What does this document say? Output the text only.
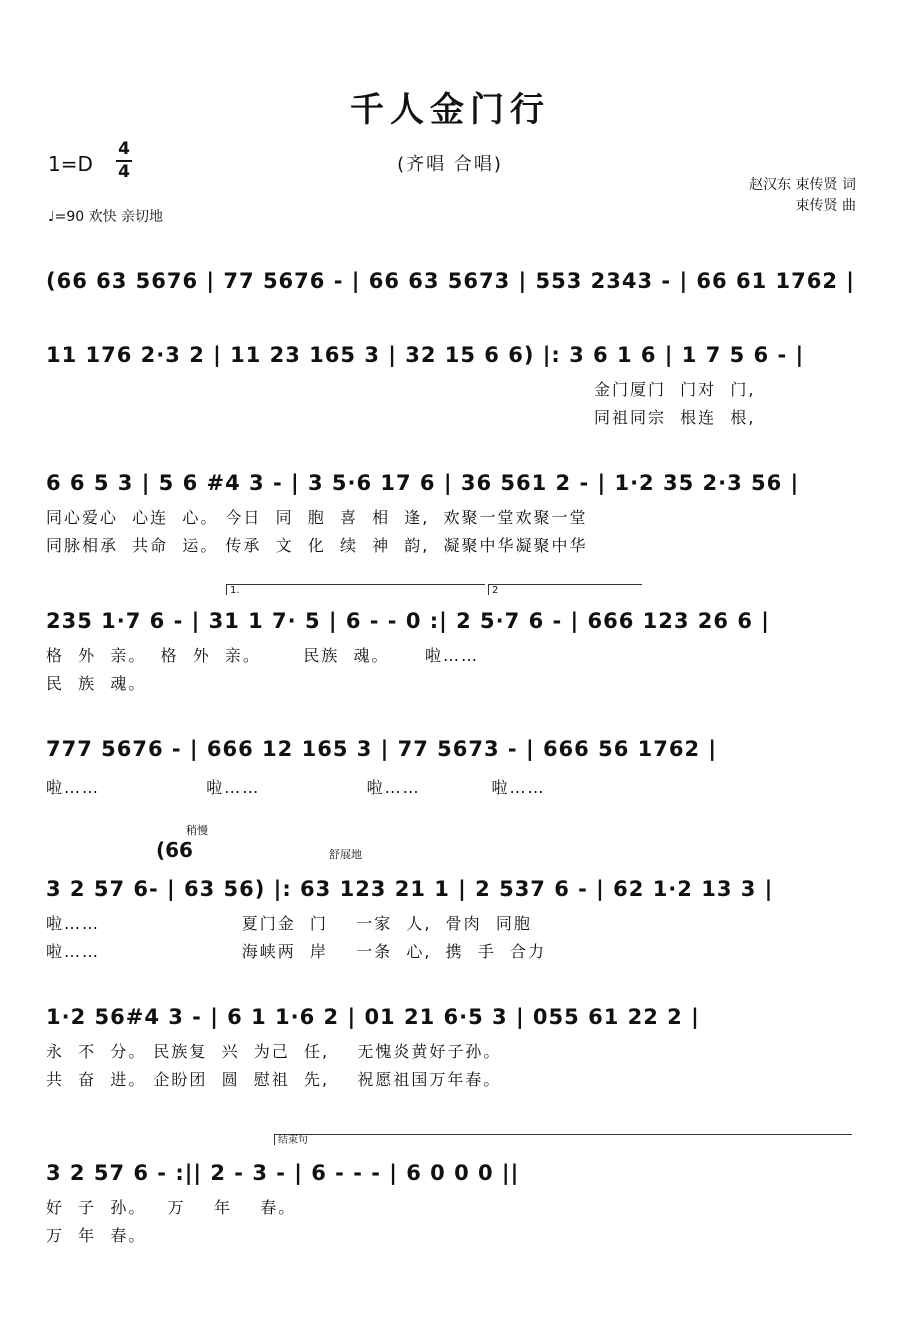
千人金门行
1=D
4
4	(齐唱 合唱)
赵汉东 束传贤 词
束传贤 曲
♩=90 欢快 亲切地
(66 63 5676 | 77 5676 - | 66 63 5673 | 553 2343 - | 66 61 1762 |
11 176 2·3 2 | 11 23 165 3 | 32 15 6 6) |: 3 6 1 6 | 1 7 5 6 - |
金门厦门  门对  门,
同祖同宗  根连  根,
6 6 5 3 | 5 6 #4 3 - | 3 5·6 17 6 | 36 561 2 - | 1·2 35 2·3 56 |
同心爱心  心连  心。 今日  同  胞  喜  相  逢,  欢聚一堂欢聚一堂
同脉相承  共命  运。 传承  文  化  续  神  韵,  凝聚中华凝聚中华
1.	2
235 1·7 6 - | 31 1 7· 5 | 6 - - 0 :| 2 5·7 6 - | 666 123 26 6 |
格  外  亲。  格  外  亲。      民族  魂。     啦……
民  族  魂。
777 5676 - | 666 12 165 3 | 77 5673 - | 666 56 1762 |
啦……               啦……               啦……          啦……
稍慢
(66	舒展地
3 2 57 6- | 63 56) |: 63 123 21 1 | 2 537 6 - | 62 1·2 13 3 |
啦……                    夏门金  门    一家  人,  骨肉  同胞
啦……                    海峡两  岸    一条  心,  携  手  合力
1·2 56#4 3 - | 6 1 1·6 2 | 01 21 6·5 3 | 055 61 22 2 |
永  不  分。 民族复  兴  为己  任,    无愧炎黄好子孙。
共  奋  进。 企盼团  圆  慰祖  先,    祝愿祖国万年春。
结束句
3 2 57 6 - :|| 2 - 3 - | 6 - - - | 6 0 0 0 ||
好  子  孙。   万    年    春。
万  年  春。
